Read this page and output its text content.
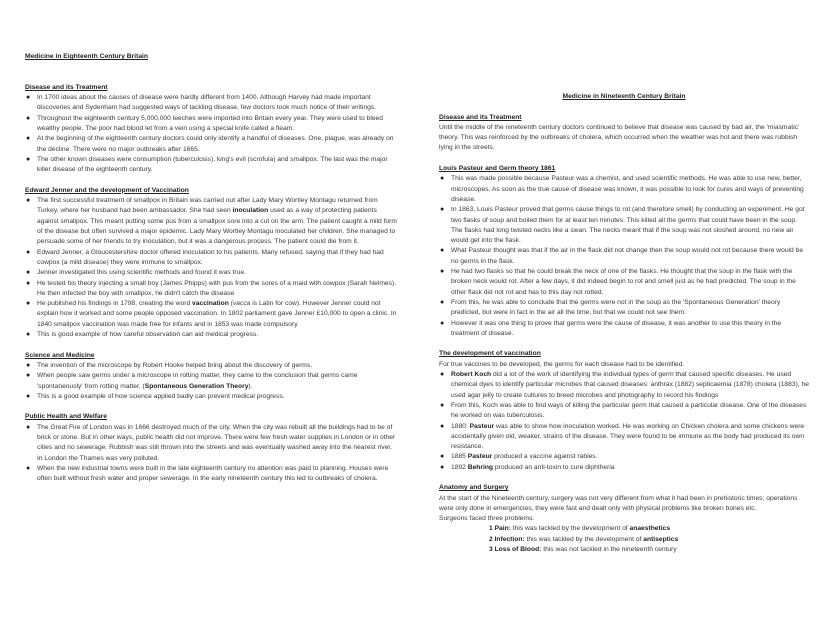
Medicine in Eighteenth Century Britain
Disease and its Treatment
● In 1700 ideas about the causes of disease were hardly different from 1400. Although Harvey had made important discoveries and Sydenham had suggested ways of tackling disease, few doctors took much notice of their writings.
● Throughout the eighteenth century 5,000,000 leeches were imported into Britain every year. They were used to bleed wealthy people. The poor had blood let from a vein using a special knife called a fleam.
● At the beginning of the eighteenth century doctors could only identify a handful of diseases. One, plague, was already on the decline. There were no major outbreaks after 1665.
● The other known diseases were consumption (tuberculosis), king's evil (scrofula) and smallpox. The last was the major killer disease of the eighteenth century.
Edward Jenner and the development of Vaccination
● The first successful treatment of smallpox in Britain was carried out after Lady Mary Wortley Montagu returned from Turkey, where her husband had been ambassador. She had seen inoculation used as a way of protecting patients against smallpox. This meant putting some pus from a smallpox sore into a cut on the arm. The patient caught a mild form of the disease but often survived a major epidemic. Lady Mary Wortley Montagu inoculated her children. She managed to persuade some of her friends to try inoculation, but it was a dangerous process. The patient could die from it.
● Edward Jenner, a Gloucestershire doctor offered inoculation to his patients. Many refused, saying that if they had had cowpox (a mild disease) they were immune to smallpox.
● Jenner investigated this using scientific methods and found it was true.
● He tested his theory injecting a small boy (James Phipps) with pus from the sores of a maid with cowpox (Sarah Nelmes). He then infected the boy with smallpox, he didn't catch the disease
● He published his findings in 1798, creating the word vaccination (vacca is Latin for cow). However Jenner could not explain how it worked and some people opposed vaccination. In 1802 parliament gave Jenner £10,000 to open a clinic. In 1840 smallpox vaccination was made free for infants and in 1853 was made compulsory
● This is good example of how careful observation can aid medical progress.
Science and Medicine
● The invention of the microscope by Robert Hooke helped bring about the discovery of germs.
● When people saw germs under a microscope in rotting matter, they came to the conclusion that germs came 'spontaneously' from rotting matter. (Spontaneous Generation Theory).
● This is a good example of how science applied badly can prevent medical progress.
Public Health and Welfare
● The Great Fire of London was in 1666 destroyed much of the city. When the city was rebuilt all the buildings had to be of brick or stone. But in other ways, public health did not improve. There were few fresh water supplies in London or in other cities and no sewerage. Rubbish was still thrown into the streets and was eventually washed away into the nearest river. In London the Thames was very polluted.
● When the new industrial towns were built in the late eighteenth century no attention was paid to planning. Houses were often built without fresh water and proper sewerage. In the early nineteenth century this led to outbreaks of cholera.
Medicine in Nineteenth Century Britain
Disease and its Treatment
Until the middle of the nineteenth century doctors continued to believe that disease was caused by bad air, the 'miasmatic' theory. This was reinforced by the outbreaks of cholera, which occurred when the weather was hot and there was rubbish lying in the streets.
Louis Pasteur and Germ theory 1861
● This was made possible because Pasteur was a chemist, and used scientific methods. He was able to use new, better, microscopes. As soon as the true cause of disease was known, it was possible to look for cures and ways of preventing disease.
● In 1863, Louis Pasteur proved that germs cause things to rot (and therefore smell) by conducting an experiment. He got two flasks of soup and boiled them for at least ten minutes. This killed all the germs that could have been in the soup. The flasks had long twisted necks like a swan. The necks meant that if the soup was not sloshed around, no new air would get into the flask.
● What Pasteur thought was that if the air in the flask did not change then the soup would not rot because there would be no germs in the flask.
● He had two flasks so that he could break the neck of one of the flasks. He thought that the soup in the flask with the broken neck would rot. After a few days, it did indeed begin to rot and smell just as he had predicted. The soup in the other flask did not rot and has to this day not rotted.
● From this, he was able to conclude that the germs were not in the soup as the 'Spontaneous Generation' theory predicted, but were in fact in the air all the time, but that we could not see them.
● However it was one thing to prove that germs were the cause of disease, it was another to use this theory in the treatment of disease.
The development of vaccination
For true vaccines to be developed, the germs for each disease had to be identified.
● Robert Koch did a lot of the work of identifying the individual types of germ that caused specific diseases. He used chemical dyes to identify particular microbes that caused diseases: anthrax (1882) septicaemia (1878) cholera (1883), he used agar jelly to create cultures to breed microbes and photography to record his findings
● From this, Koch was able to find ways of killing the particular germ that caused a particular disease. One of the diseases he worked on was tuberculosis.
● 1880: Pasteur was able to show how inoculation worked. He was working on Chicken cholera and some chickens were accidentally given old, weaker, strains of the disease. They were found to be immune as the body had produced its own resistance.
● 1885 Pasteur produced a vaccine against rabies.
● 1892 Behring produced an anti-toxin to cure diphtheria
Anatomy and Surgery
At the start of the Nineteenth century, surgery was not very different from what it had been in prehistoric times; operations were only done in emergencies, they were fast and dealt only with physical problems like broken bones etc.
Surgeons faced three problems:
1 Pain: this was tackled by the development of anaesthetics
2 Infection: this was tackled by the development of antiseptics
3 Loss of Blood: this was not tackled in the nineteenth century
